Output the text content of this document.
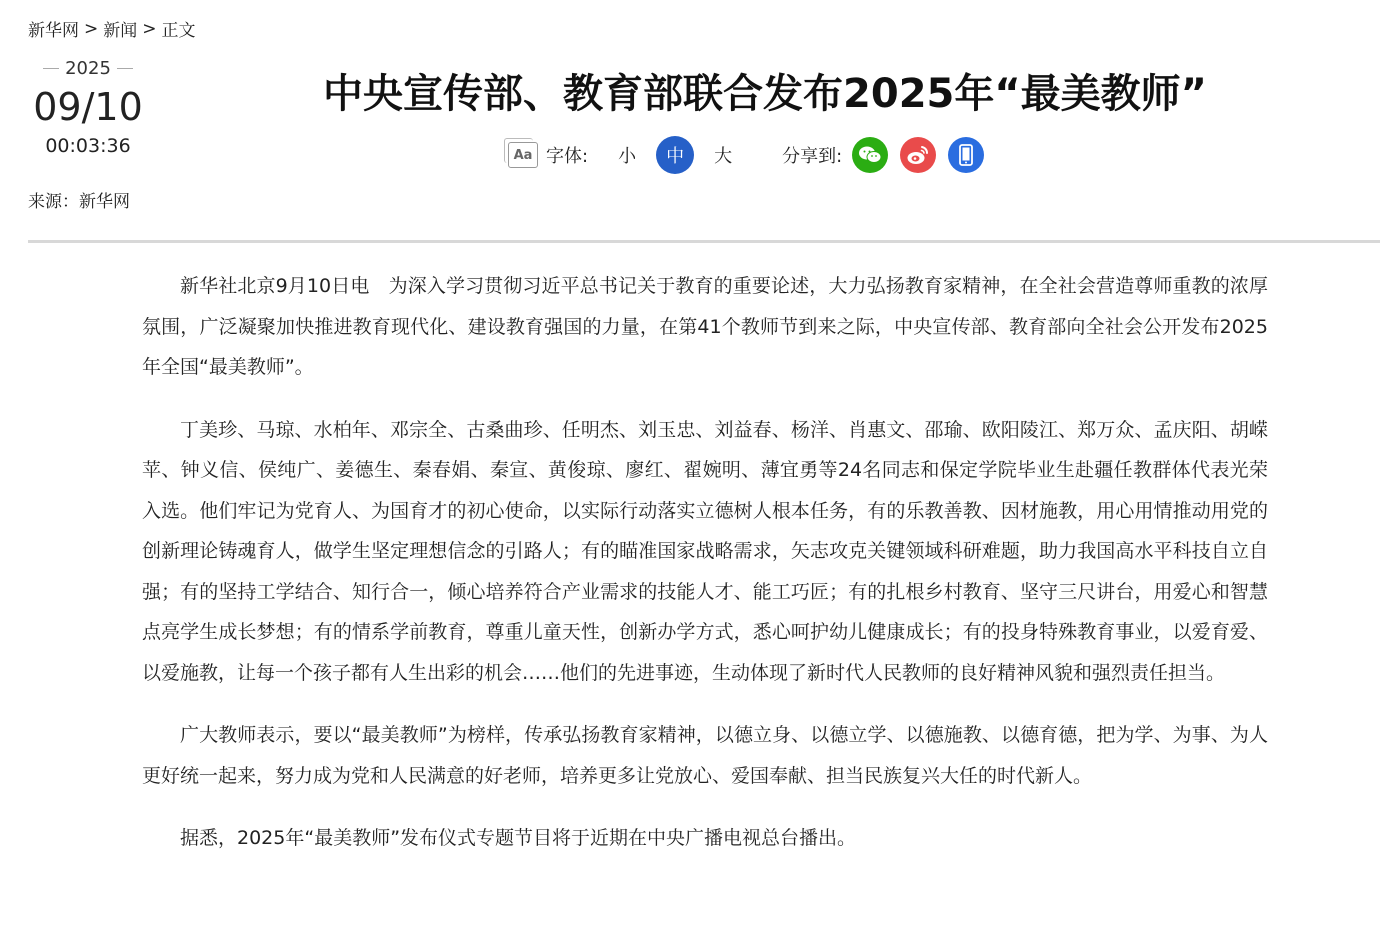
新华网 > 新闻 > 正文
2025
09/10
00:03:36
来源：新华网
中央宣传部、教育部联合发布2025年“最美教师”
Aa 字体:	小	中	大	分享到:

新华社北京9月10日电　为深入学习贯彻习近平总书记关于教育的重要论述，大力弘扬教育家精神，在全社会营造尊师重教的浓厚氛围，广泛凝聚加快推进教育现代化、建设教育强国的力量，在第41个教师节到来之际，中央宣传部、教育部向全社会公开发布2025年全国“最美教师”。

丁美珍、马琼、水柏年、邓宗全、古桑曲珍、任明杰、刘玉忠、刘益春、杨洋、肖惠文、邵瑜、欧阳陵江、郑万众、孟庆阳、胡嵘苹、钟义信、侯纯广、姜德生、秦春娟、秦宣、黄俊琼、廖红、翟婉明、薄宜勇等24名同志和保定学院毕业生赴疆任教群体代表光荣入选。他们牢记为党育人、为国育才的初心使命，以实际行动落实立德树人根本任务，有的乐教善教、因材施教，用心用情推动用党的创新理论铸魂育人，做学生坚定理想信念的引路人；有的瞄准国家战略需求，矢志攻克关键领域科研难题，助力我国高水平科技自立自强；有的坚持工学结合、知行合一，倾心培养符合产业需求的技能人才、能工巧匠；有的扎根乡村教育、坚守三尺讲台，用爱心和智慧点亮学生成长梦想；有的情系学前教育，尊重儿童天性，创新办学方式，悉心呵护幼儿健康成长；有的投身特殊教育事业，以爱育爱、以爱施教，让每一个孩子都有人生出彩的机会……他们的先进事迹，生动体现了新时代人民教师的良好精神风貌和强烈责任担当。

广大教师表示，要以“最美教师”为榜样，传承弘扬教育家精神，以德立身、以德立学、以德施教、以德育德，把为学、为事、为人更好统一起来，努力成为党和人民满意的好老师，培养更多让党放心、爱国奉献、担当民族复兴大任的时代新人。

据悉，2025年“最美教师”发布仪式专题节目将于近期在中央广播电视总台播出。
